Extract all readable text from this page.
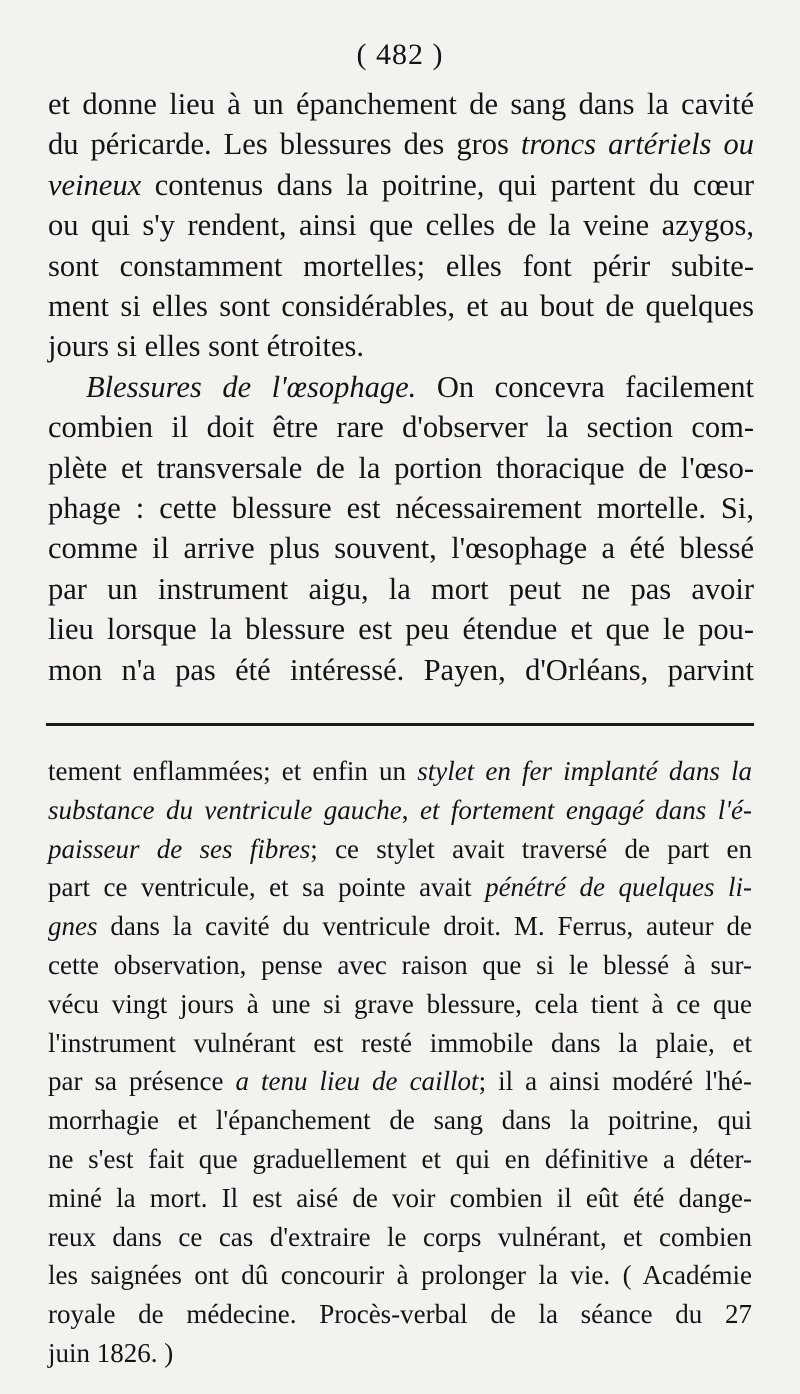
( 482 )
et donne lieu à un épanchement de sang dans la cavité
du péricarde. Les blessures des gros troncs artériels ou
veineux contenus dans la poitrine, qui partent du cœur
ou qui s'y rendent, ainsi que celles de la veine azygos,
sont constamment mortelles; elles font périr subite-
ment si elles sont considérables, et au bout de quelques
jours si elles sont étroites.
Blessures de l'œsophage. On concevra facilement
combien il doit être rare d'observer la section com-
plète et transversale de la portion thoracique de l'œso-
phage : cette blessure est nécessairement mortelle. Si,
comme il arrive plus souvent, l'œsophage a été blessé
par un instrument aigu, la mort peut ne pas avoir
lieu lorsque la blessure est peu étendue et que le pou-
mon n'a pas été intéressé. Payen, d'Orléans, parvint
tement enflammées; et enfin un stylet en fer implanté dans la
substance du ventricule gauche, et fortement engagé dans l'é-
paisseur de ses fibres; ce stylet avait traversé de part en
part ce ventricule, et sa pointe avait pénétré de quelques li-
gnes dans la cavité du ventricule droit. M. Ferrus, auteur de
cette observation, pense avec raison que si le blessé à sur-
vécu vingt jours à une si grave blessure, cela tient à ce que
l'instrument vulnérant est resté immobile dans la plaie, et
par sa présence a tenu lieu de caillot; il a ainsi modéré l'hé-
morrhagie et l'épanchement de sang dans la poitrine, qui
ne s'est fait que graduellement et qui en définitive a déter-
miné la mort. Il est aisé de voir combien il eût été dange-
reux dans ce cas d'extraire le corps vulnérant, et combien
les saignées ont dû concourir à prolonger la vie. ( Académie
royale de médecine. Procès-verbal de la séance du 27
juin 1826. )
